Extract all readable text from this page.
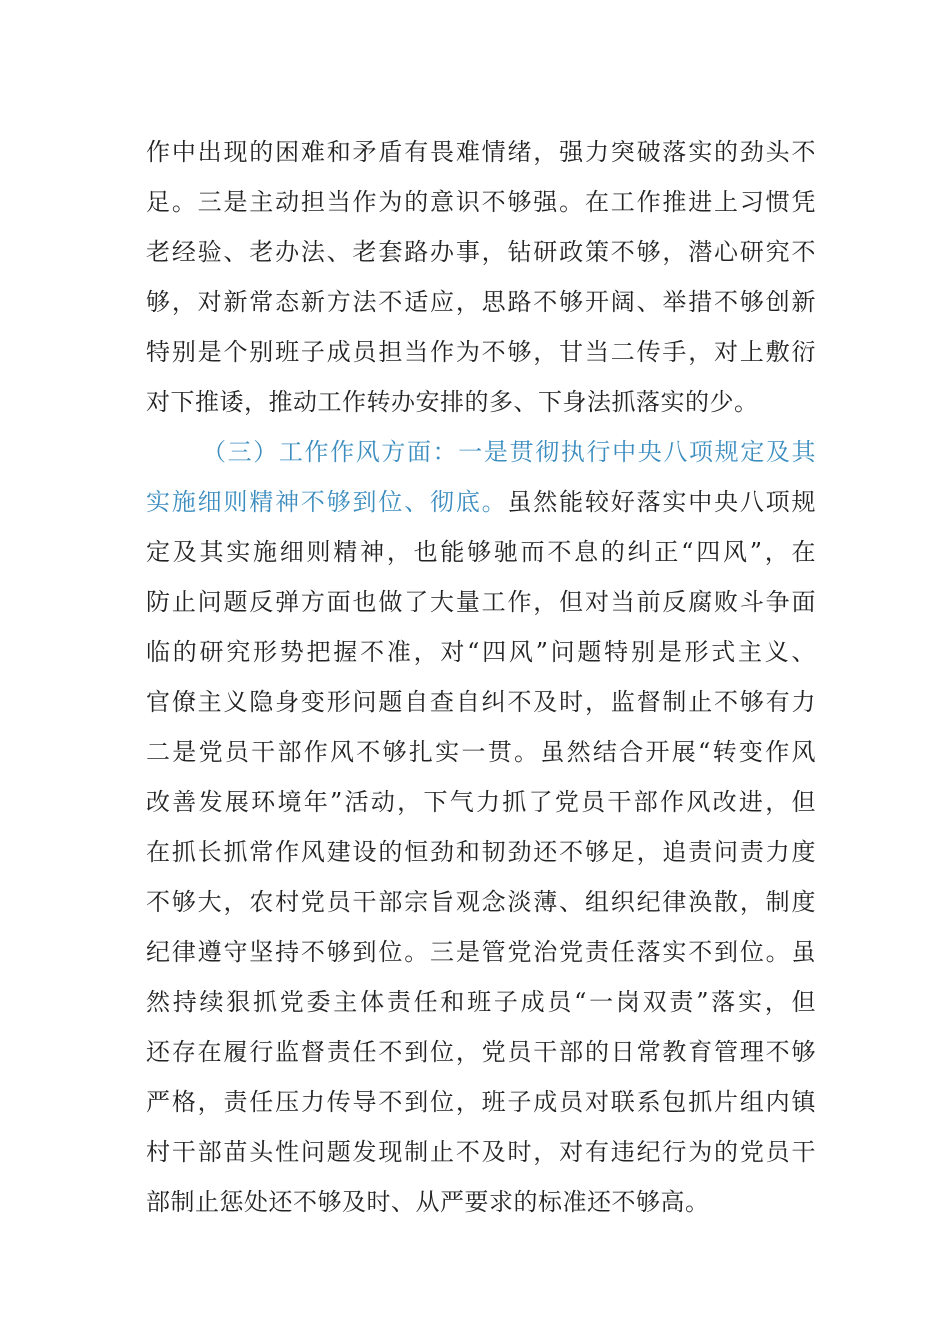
作中出现的困难和矛盾有畏难情绪，强力突破落实的劲头不
足。三是主动担当作为的意识不够强。在工作推进上习惯凭
老经验、老办法、老套路办事，钻研政策不够，潜心研究不
够，对新常态新方法不适应，思路不够开阔、举措不够创新
特别是个别班子成员担当作为不够，甘当二传手，对上敷衍
对下推诿，推动工作转办安排的多、下身法抓落实的少。
（三）工作作风方面：一是贯彻执行中央八项规定及其
实施细则精神不够到位、彻底。虽然能较好落实中央八项规
定及其实施细则精神，也能够驰而不息的纠正“四风”，在
防止问题反弹方面也做了大量工作，但对当前反腐败斗争面
临的研究形势把握不准，对“四风”问题特别是形式主义、
官僚主义隐身变形问题自查自纠不及时，监督制止不够有力
二是党员干部作风不够扎实一贯。虽然结合开展“转变作风
改善发展环境年”活动，下气力抓了党员干部作风改进，但
在抓长抓常作风建设的恒劲和韧劲还不够足，追责问责力度
不够大，农村党员干部宗旨观念淡薄、组织纪律涣散，制度
纪律遵守坚持不够到位。三是管党治党责任落实不到位。虽
然持续狠抓党委主体责任和班子成员“一岗双责”落实，但
还存在履行监督责任不到位，党员干部的日常教育管理不够
严格，责任压力传导不到位，班子成员对联系包抓片组内镇
村干部苗头性问题发现制止不及时，对有违纪行为的党员干
部制止惩处还不够及时、从严要求的标准还不够高。
